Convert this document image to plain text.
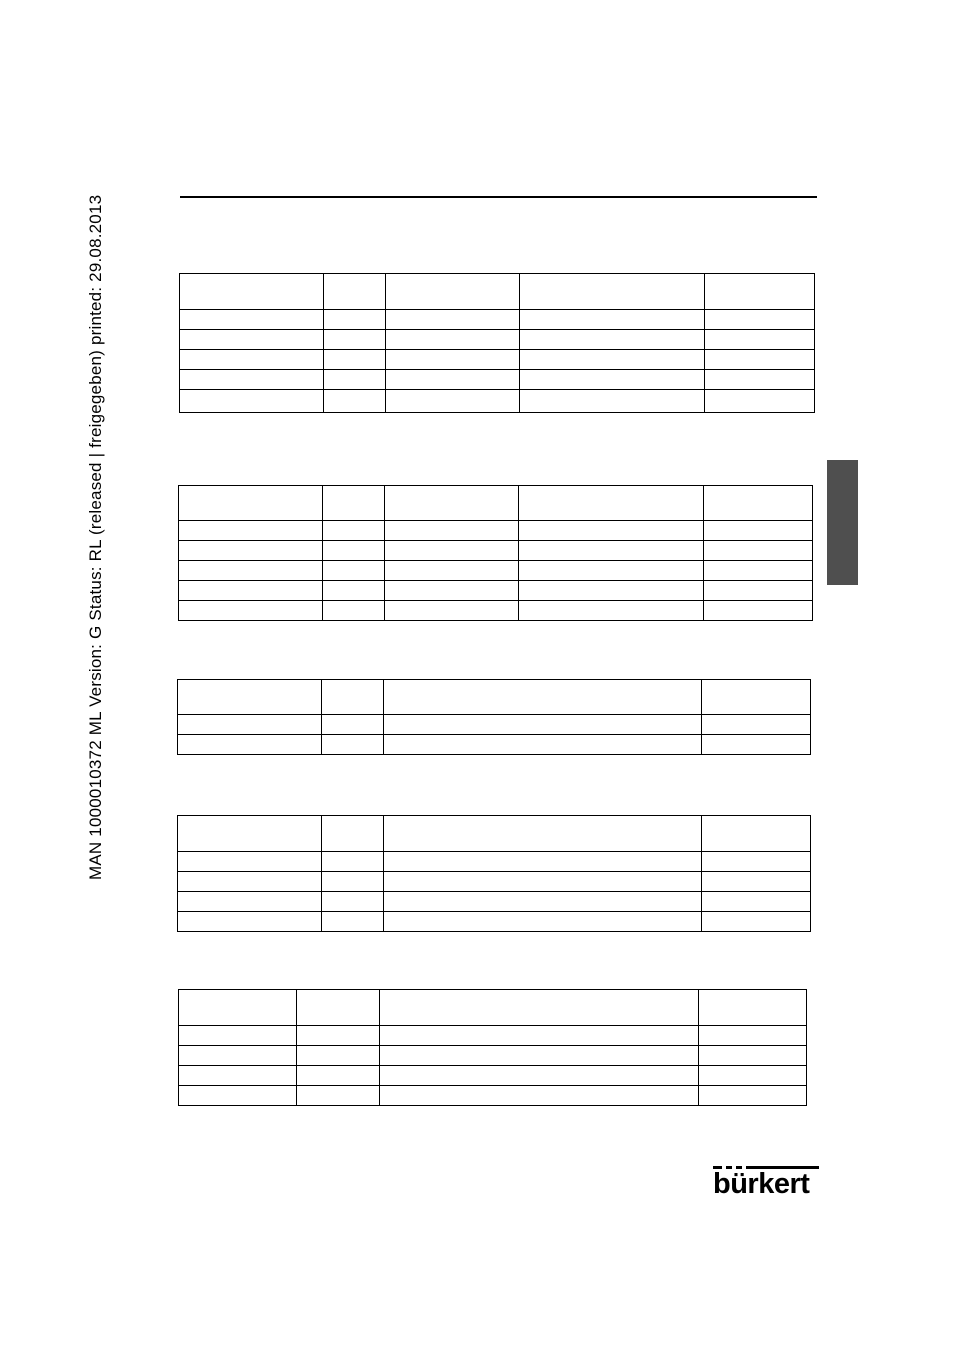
MAN 1000010372 ML Version: G Status: RL (released | freigegeben) printed: 29.08.2013

bürkert
